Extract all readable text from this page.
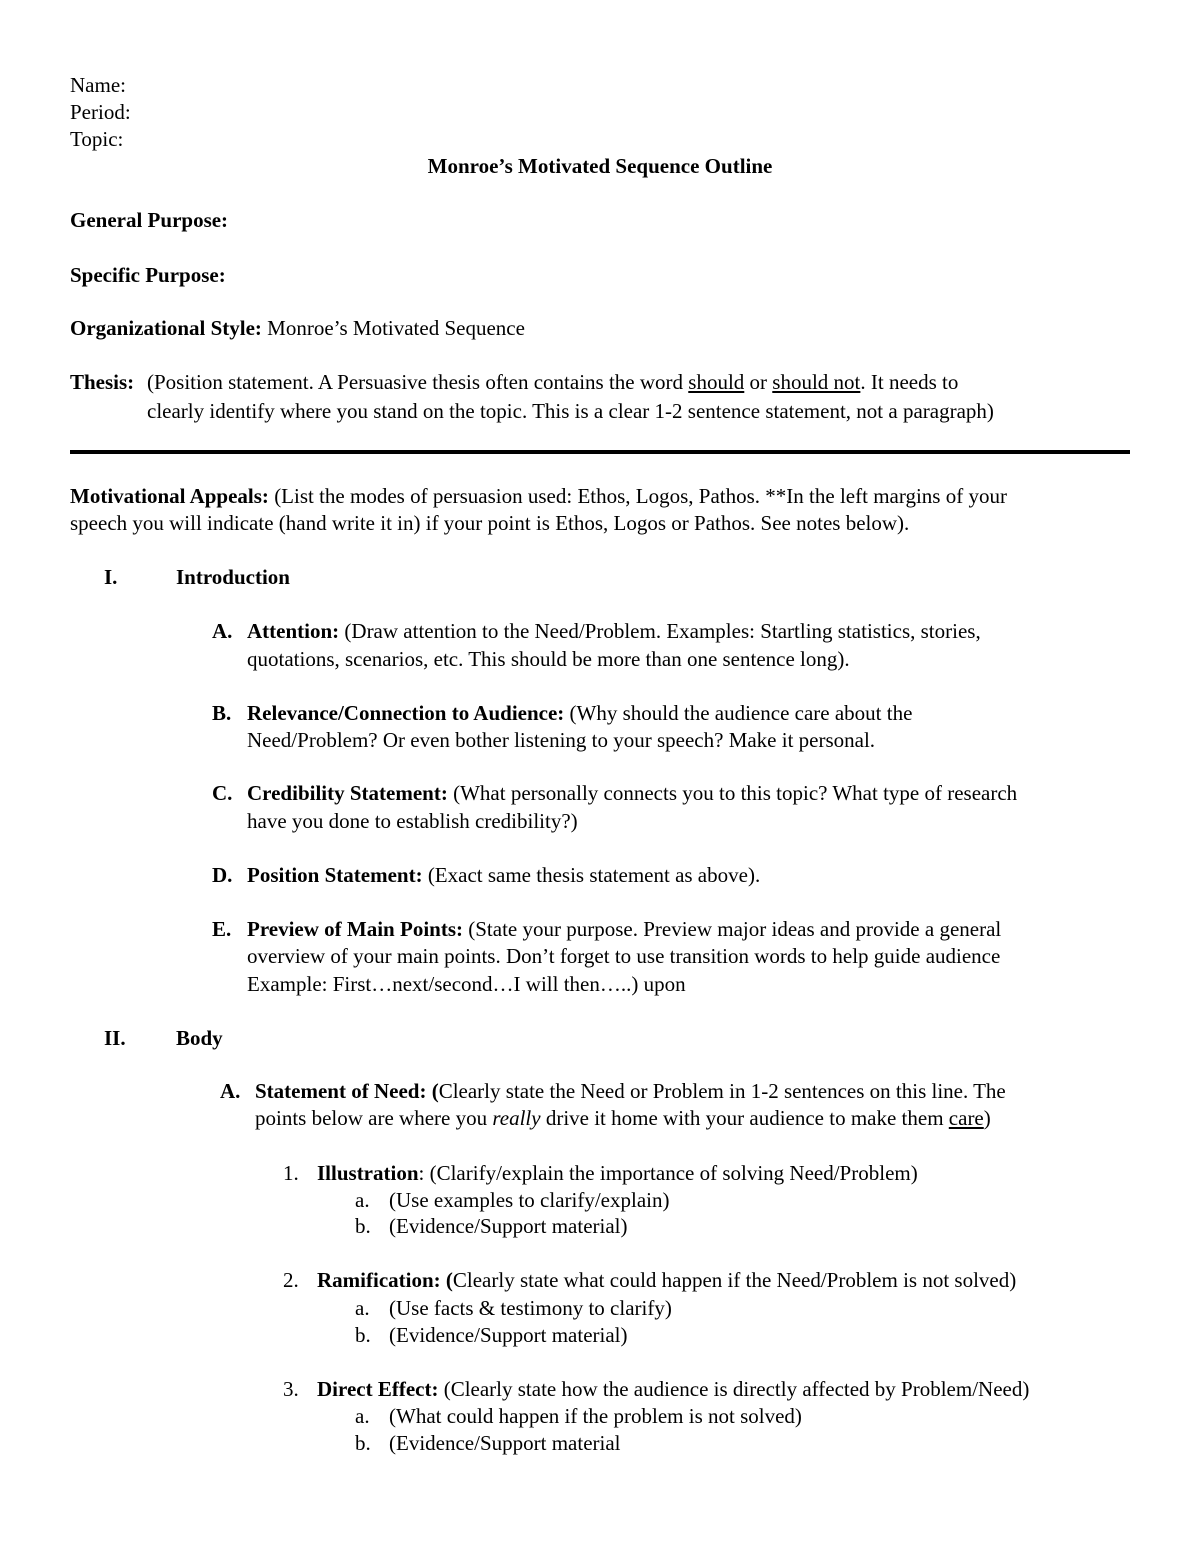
Name:
Period:
Topic:
Monroe’s Motivated Sequence Outline
General Purpose:
Specific Purpose:
Organizational Style: Monroe’s Motivated Sequence
Thesis: (Position statement. A Persuasive thesis often contains the word should or should not. It needs to
clearly identify where you stand on the topic. This is a clear 1-2 sentence statement, not a paragraph)
Motivational Appeals: (List the modes of persuasion used: Ethos, Logos, Pathos. **In the left margins of your
speech you will indicate (hand write it in) if your point is Ethos, Logos or Pathos. See notes below).
I.	Introduction
A. Attention: (Draw attention to the Need/Problem. Examples: Startling statistics, stories,
quotations, scenarios, etc. This should be more than one sentence long).
B. Relevance/Connection to Audience: (Why should the audience care about the
Need/Problem? Or even bother listening to your speech? Make it personal.
C. Credibility Statement: (What personally connects you to this topic? What type of research
have you done to establish credibility?)
D. Position Statement: (Exact same thesis statement as above).
E. Preview of Main Points: (State your purpose. Preview major ideas and provide a general
overview of your main points. Don’t forget to use transition words to help guide audience
Example: First…next/second…I will then…..) upon
II. Body
A. Statement of Need: (Clearly state the Need or Problem in 1-2 sentences on this line. The
points below are where you really drive it home with your audience to make them care)
1. Illustration: (Clarify/explain the importance of solving Need/Problem)
a. (Use examples to clarify/explain)
b. (Evidence/Support material)
2. Ramification: (Clearly state what could happen if the Need/Problem is not solved)
a. (Use facts & testimony to clarify)
b. (Evidence/Support material)
3. Direct Effect: (Clearly state how the audience is directly affected by Problem/Need)
a. (What could happen if the problem is not solved)
b. (Evidence/Support material
